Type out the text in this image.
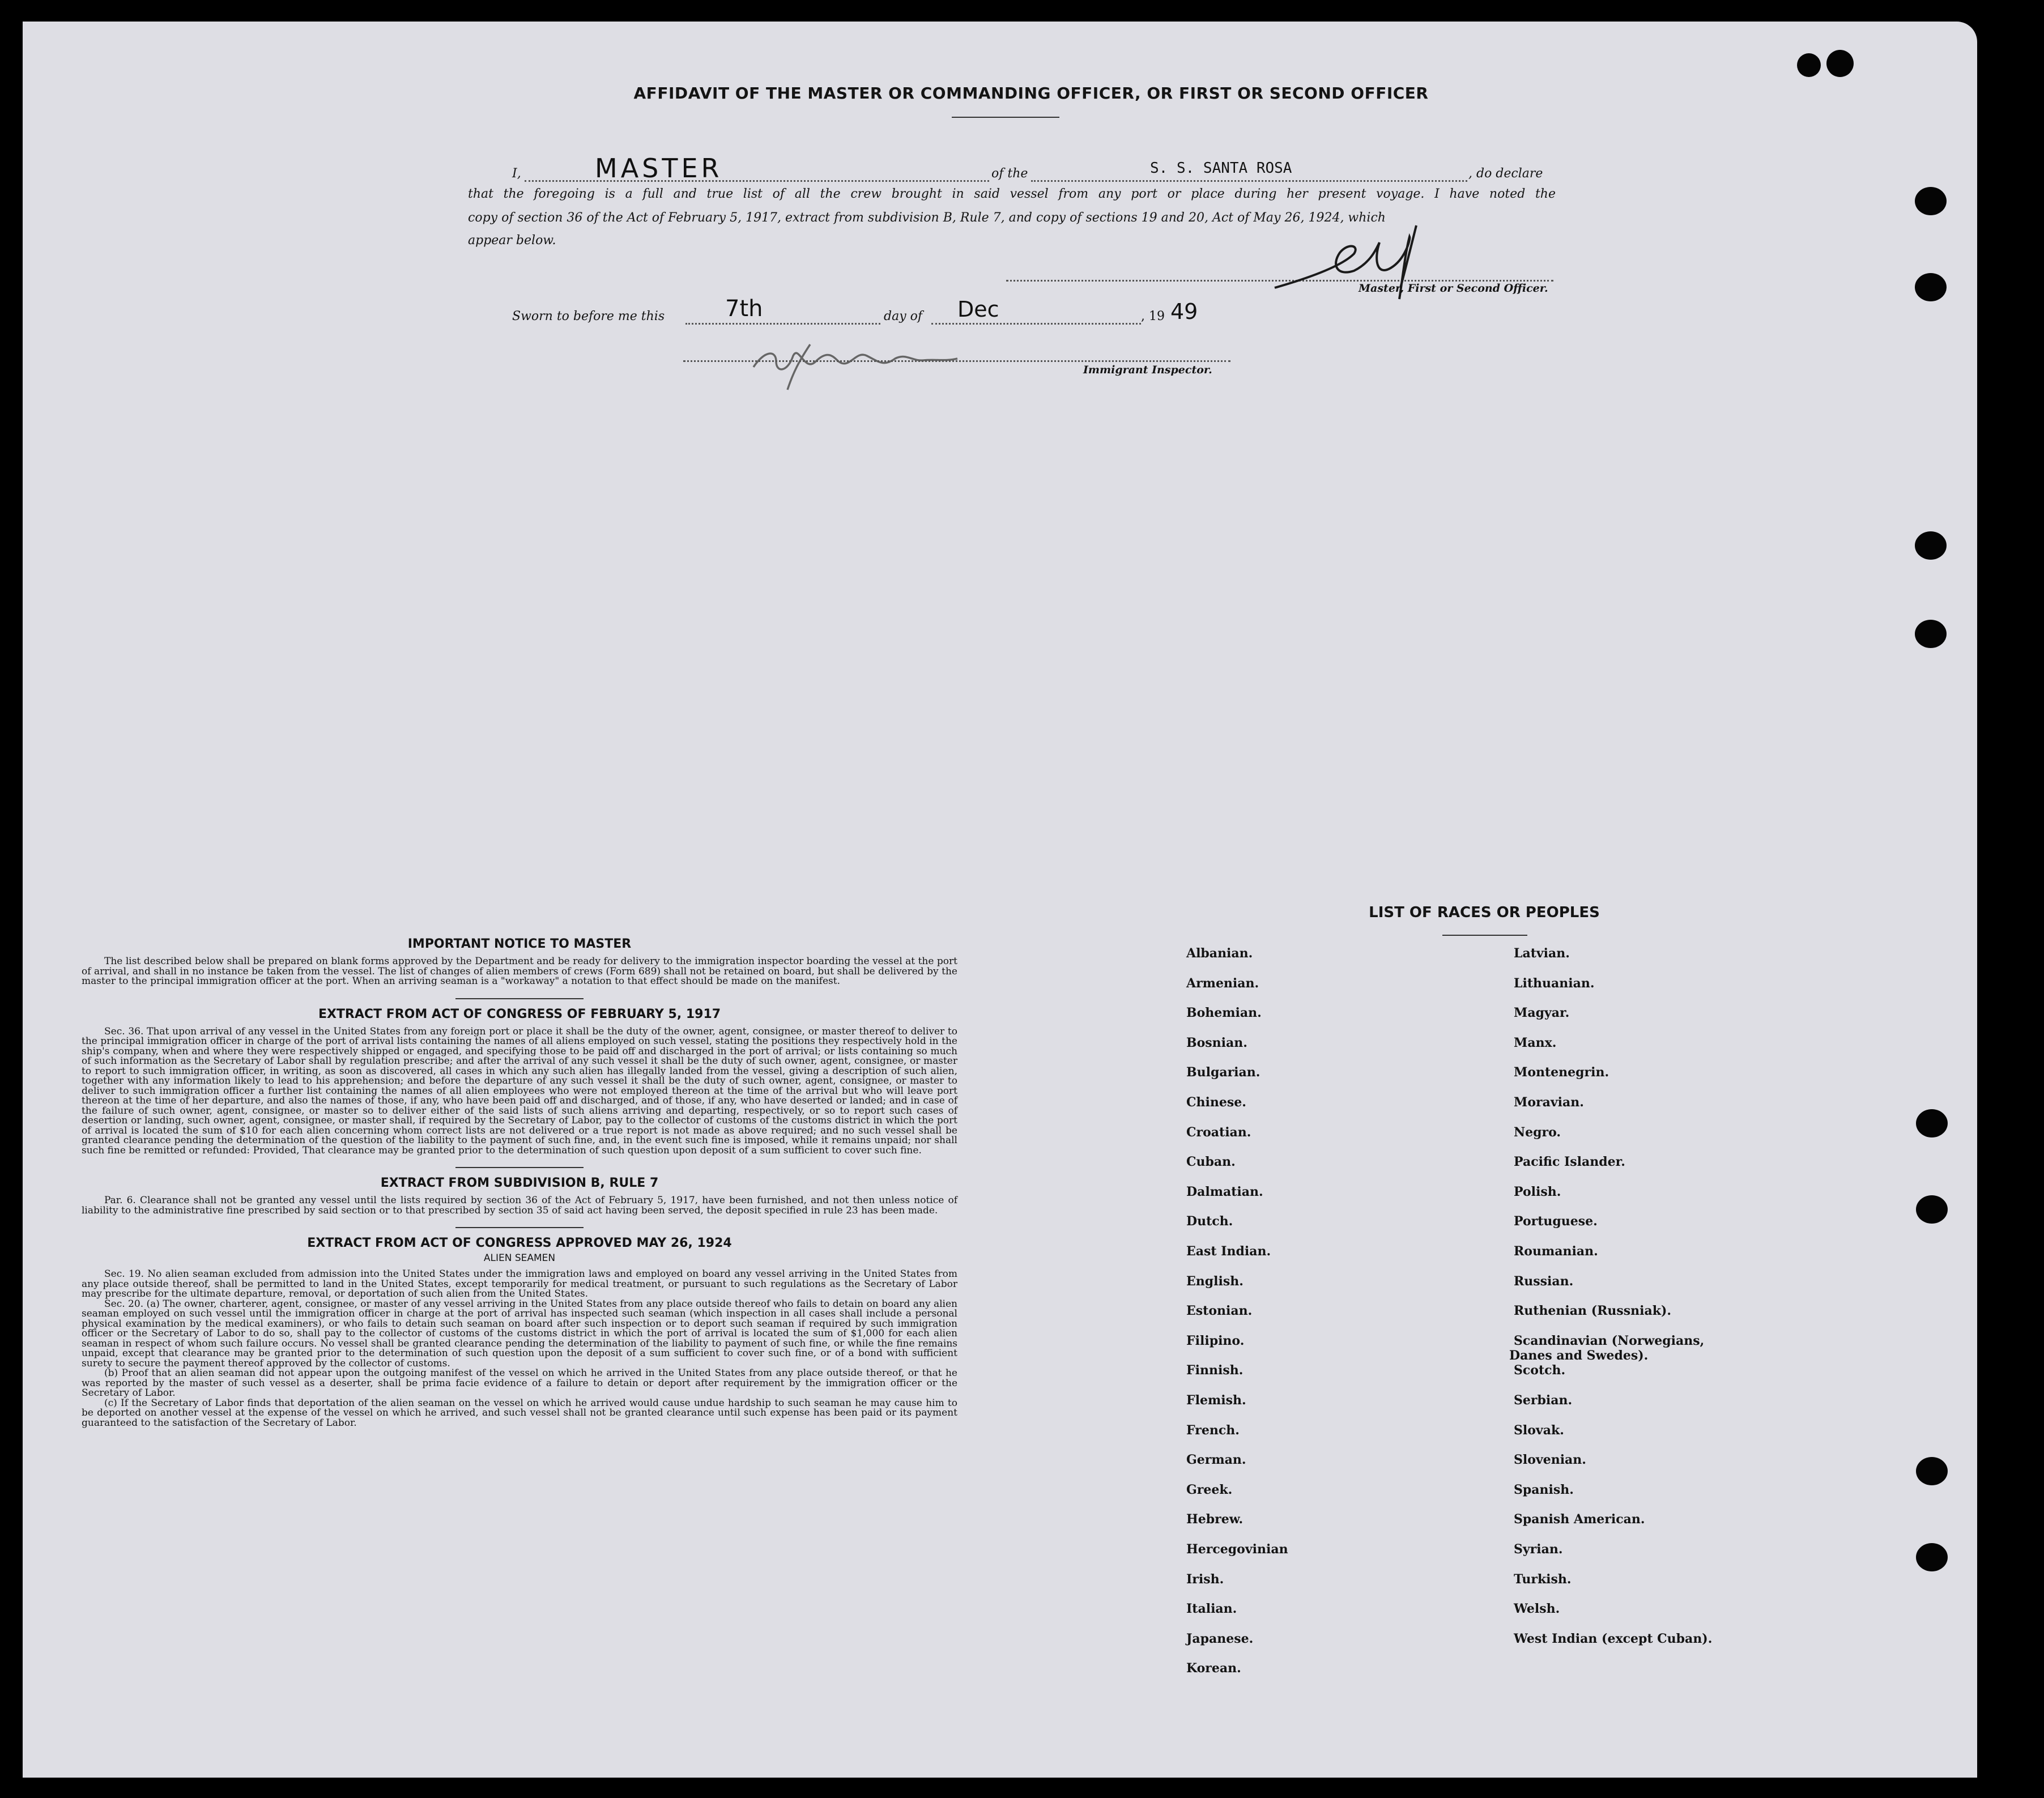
AFFIDAVIT OF THE MASTER OR COMMANDING OFFICER, OR FIRST OR SECOND OFFICER
I,	MASTER	of the	S. S. SANTA ROSA	, do declare
that the foregoing is a full and true list of all the crew brought in said vessel from any port or place during her present voyage. I have noted the
copy of section 36 of the Act of February 5, 1917, extract from subdivision B, Rule 7, and copy of sections 19 and 20, Act of May 26, 1924, which
appear below.
Master, First or Second Officer.
Sworn to before me this	7th	day of Dec	, 19 49
Immigrant Inspector.
IMPORTANT NOTICE TO MASTER

The list described below shall be prepared on blank forms approved by the Department and be ready for delivery to the immigration inspector boarding the vessel at the port of arrival, and shall in no instance be taken from the vessel. The list of changes of alien members of crews (Form 689) shall not be retained on board, but shall be delivered by the master to the principal immigration officer at the port. When an arriving seaman is a "workaway" a notation to that effect should be made on the manifest.

EXTRACT FROM ACT OF CONGRESS OF FEBRUARY 5, 1917

Sec. 36. That upon arrival of any vessel in the United States from any foreign port or place it shall be the duty of the owner, agent, consignee, or master thereof to deliver to the principal immigration officer in charge of the port of arrival lists containing the names of all aliens employed on such vessel, stating the positions they respectively hold in the ship's company, when and where they were respectively shipped or engaged, and specifying those to be paid off and discharged in the port of arrival; or lists containing so much of such information as the Secretary of Labor shall by regulation prescribe; and after the arrival of any such vessel it shall be the duty of such owner, agent, consignee, or master to report to such immigration officer, in writing, as soon as discovered, all cases in which any such alien has illegally landed from the vessel, giving a description of such alien, together with any information likely to lead to his apprehension; and before the departure of any such vessel it shall be the duty of such owner, agent, consignee, or master to deliver to such immigration officer a further list containing the names of all alien employees who were not employed thereon at the time of the arrival but who will leave port thereon at the time of her departure, and also the names of those, if any, who have been paid off and discharged, and of those, if any, who have deserted or landed; and in case of the failure of such owner, agent, consignee, or master so to deliver either of the said lists of such aliens arriving and departing, respectively, or so to report such cases of desertion or landing, such owner, agent, consignee, or master shall, if required by the Secretary of Labor, pay to the collector of customs of the customs district in which the port of arrival is located the sum of $10 for each alien concerning whom correct lists are not delivered or a true report is not made as above required; and no such vessel shall be granted clearance pending the determination of the question of the liability to the payment of such fine, and, in the event such fine is imposed, while it remains unpaid; nor shall such fine be remitted or refunded: Provided, That clearance may be granted prior to the determination of such question upon deposit of a sum sufficient to cover such fine.

EXTRACT FROM SUBDIVISION B, RULE 7

Par. 6. Clearance shall not be granted any vessel until the lists required by section 36 of the Act of February 5, 1917, have been furnished, and not then unless notice of liability to the administrative fine prescribed by said section or to that prescribed by section 35 of said act having been served, the deposit specified in rule 23 has been made.

EXTRACT FROM ACT OF CONGRESS APPROVED MAY 26, 1924
ALIEN SEAMEN

Sec. 19. No alien seaman excluded from admission into the United States under the immigration laws and employed on board any vessel arriving in the United States from any place outside thereof, shall be permitted to land in the United States, except temporarily for medical treatment, or pursuant to such regulations as the Secretary of Labor may prescribe for the ultimate departure, removal, or deportation of such alien from the United States.

Sec. 20. (a) The owner, charterer, agent, consignee, or master of any vessel arriving in the United States from any place outside thereof who fails to detain on board any alien seaman employed on such vessel until the immigration officer in charge at the port of arrival has inspected such seaman (which inspection in all cases shall include a personal physical examination by the medical examiners), or who fails to detain such seaman on board after such inspection or to deport such seaman if required by such immigration officer or the Secretary of Labor to do so, shall pay to the collector of customs of the customs district in which the port of arrival is located the sum of $1,000 for each alien seaman in respect of whom such failure occurs. No vessel shall be granted clearance pending the determination of the liability to payment of such fine, or while the fine remains unpaid, except that clearance may be granted prior to the determination of such question upon the deposit of a sum sufficient to cover such fine, or of a bond with sufficient surety to secure the payment thereof approved by the collector of customs.

(b) Proof that an alien seaman did not appear upon the outgoing manifest of the vessel on which he arrived in the United States from any place outside thereof, or that he was reported by the master of such vessel as a deserter, shall be prima facie evidence of a failure to detain or deport after requirement by the immigration officer or the Secretary of Labor.

(c) If the Secretary of Labor finds that deportation of the alien seaman on the vessel on which he arrived would cause undue hardship to such seaman he may cause him to be deported on another vessel at the expense of the vessel on which he arrived, and such vessel shall not be granted clearance until such expense has been paid or its payment guaranteed to the satisfaction of the Secretary of Labor.

LIST OF RACES OR PEOPLES
Albanian.
Armenian.
Bohemian.
Bosnian.
Bulgarian.
Chinese.
Croatian.
Cuban.
Dalmatian.
Dutch.
East Indian.
English.
Estonian.
Filipino.
Finnish.
Flemish.
French.
German.
Greek.
Hebrew.
Hercegovinian
Irish.
Italian.
Japanese.
Korean.
Latvian.
Lithuanian.
Magyar.
Manx.
Montenegrin.
Moravian.
Negro.
Pacific Islander.
Polish.
Portuguese.
Roumanian.
Russian.
Ruthenian (Russniak).
Scandinavian (Norwegians,
Danes and Swedes).
Scotch.
Serbian.
Slovak.
Slovenian.
Spanish.
Spanish American.
Syrian.
Turkish.
Welsh.
West Indian (except Cuban).
